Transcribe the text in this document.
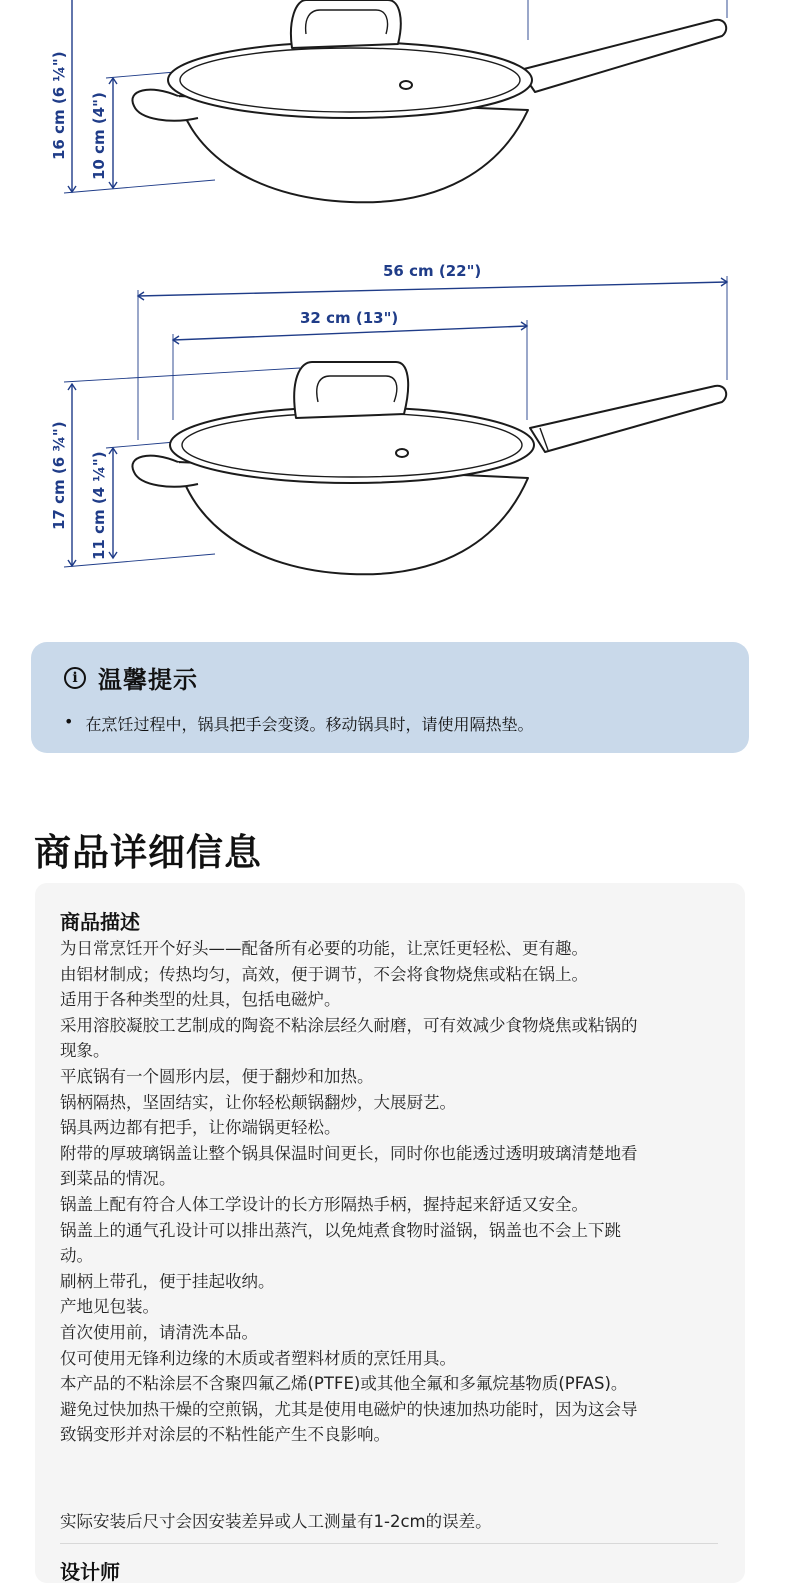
16 cm (6 ¼") 10 cm (4")
56 cm (22")
32 cm (13")
17 cm (6 ¾") 11 cm (4 ¼")
i 温馨提示
• 在烹饪过程中，锅具把手会变烫。移动锅具时，请使用隔热垫。
商品详细信息
商品描述
为日常烹饪开个好头——配备所有必要的功能，让烹饪更轻松、更有趣。
由铝材制成；传热均匀，高效，便于调节，不会将食物烧焦或粘在锅上。
适用于各种类型的灶具，包括电磁炉。
采用溶胶凝胶工艺制成的陶瓷不粘涂层经久耐磨，可有效减少食物烧焦或粘锅的
现象。
平底锅有一个圆形内层，便于翻炒和加热。
锅柄隔热，坚固结实，让你轻松颠锅翻炒，大展厨艺。
锅具两边都有把手，让你端锅更轻松。
附带的厚玻璃锅盖让整个锅具保温时间更长，同时你也能透过透明玻璃清楚地看
到菜品的情况。
锅盖上配有符合人体工学设计的长方形隔热手柄，握持起来舒适又安全。
锅盖上的通气孔设计可以排出蒸汽，以免炖煮食物时溢锅，锅盖也不会上下跳
动。
刷柄上带孔，便于挂起收纳。
产地见包装。
首次使用前，请清洗本品。
仅可使用无锋利边缘的木质或者塑料材质的烹饪用具。
本产品的不粘涂层不含聚四氟乙烯(PTFE)或其他全氟和多氟烷基物质(PFAS)。
避免过快加热干燥的空煎锅，尤其是使用电磁炉的快速加热功能时，因为这会导
致锅变形并对涂层的不粘性能产生不良影响。
实际安装后尺寸会因安装差异或人工测量有1-2cm的误差。
设计师
